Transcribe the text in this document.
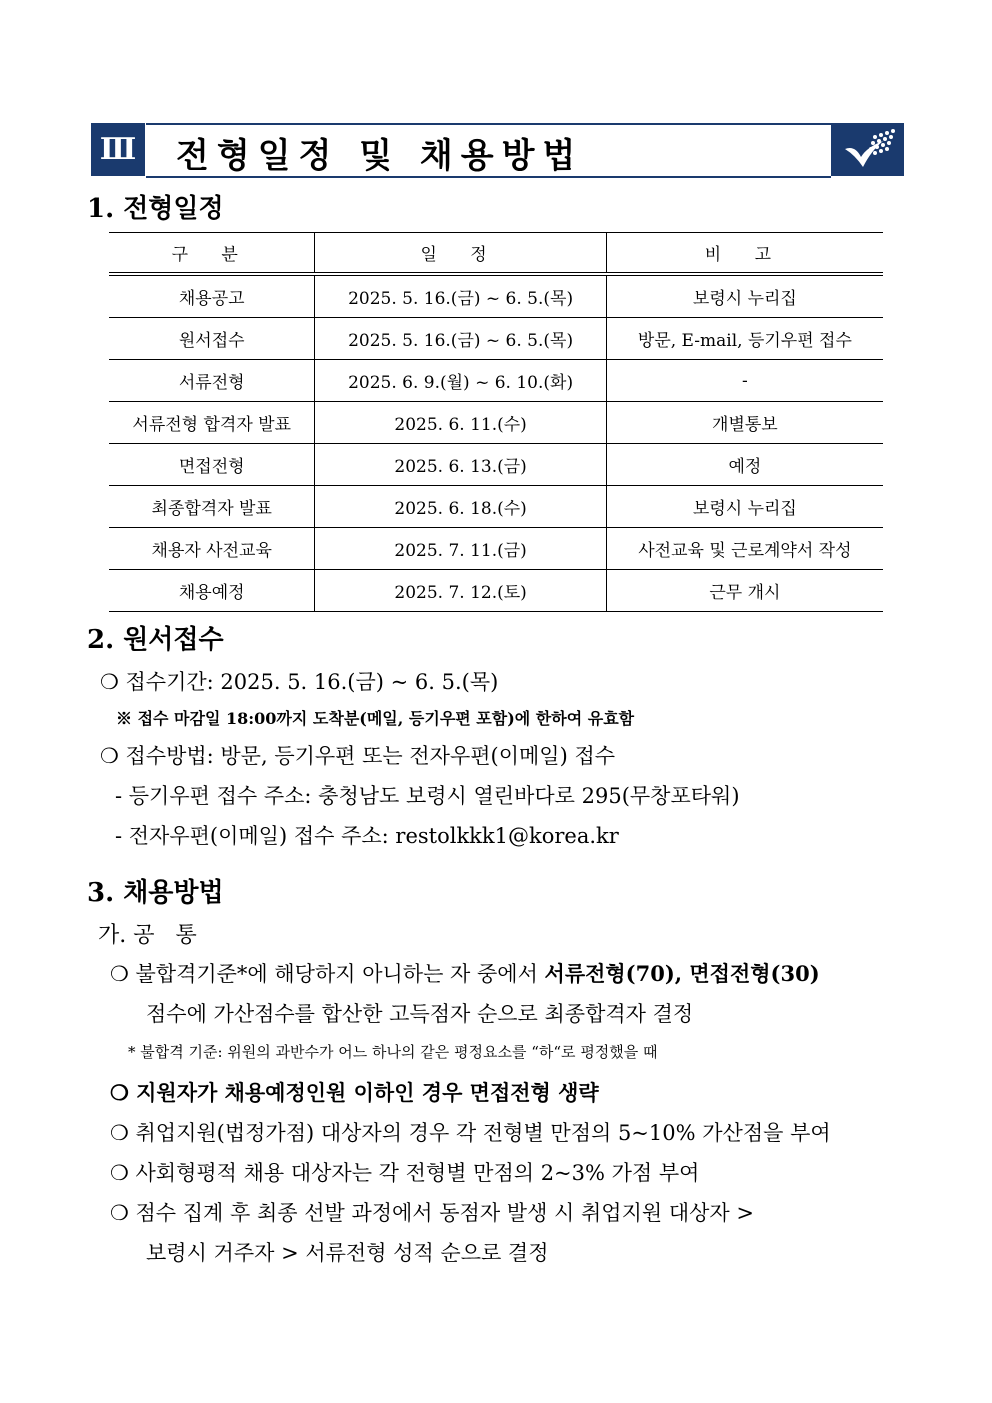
Ⅲ 전형일정 및 채용방법
1. 전형일정
구 분	일 정	비 고
채용공고	2025. 5. 16.(금) ~ 6. 5.(목)	보령시 누리집
원서접수	2025. 5. 16.(금) ~ 6. 5.(목)	방문, E-mail, 등기우편 접수
서류전형	2025. 6. 9.(월) ~ 6. 10.(화)	-
서류전형 합격자 발표	2025. 6. 11.(수)	개별통보
면접전형	2025. 6. 13.(금)	예정
최종합격자 발표	2025. 6. 18.(수)	보령시 누리집
채용자 사전교육	2025. 7. 11.(금)	사전교육 및 근로계약서 작성
채용예정	2025. 7. 12.(토)	근무 개시
2. 원서접수
❍ 접수기간: 2025. 5. 16.(금) ~ 6. 5.(목)
※ 접수 마감일 18:00까지 도착분(메일, 등기우편 포함)에 한하여 유효함
❍ 접수방법: 방문, 등기우편 또는 전자우편(이메일) 접수
- 등기우편 접수 주소: 충청남도 보령시 열린바다로 295(무창포타워)
- 전자우편(이메일) 접수 주소: restolkkk1@korea.kr
3. 채용방법
가. 공   통
❍ 불합격기준*에 해당하지 아니하는 자 중에서 서류전형(70), 면접전형(30)
점수에 가산점수를 합산한 고득점자 순으로 최종합격자 결정
* 불합격 기준: 위원의 과반수가 어느 하나의 같은 평정요소를 “하“로 평정했을 때
❍ 지원자가 채용예정인원 이하인 경우 면접전형 생략
❍ 취업지원(법정가점) 대상자의 경우 각 전형별 만점의 5~10% 가산점을 부여
❍ 사회형평적 채용 대상자는 각 전형별 만점의 2~3% 가점 부여
❍ 점수 집계 후 최종 선발 과정에서 동점자 발생 시 취업지원 대상자 >
보령시 거주자 > 서류전형 성적 순으로 결정
